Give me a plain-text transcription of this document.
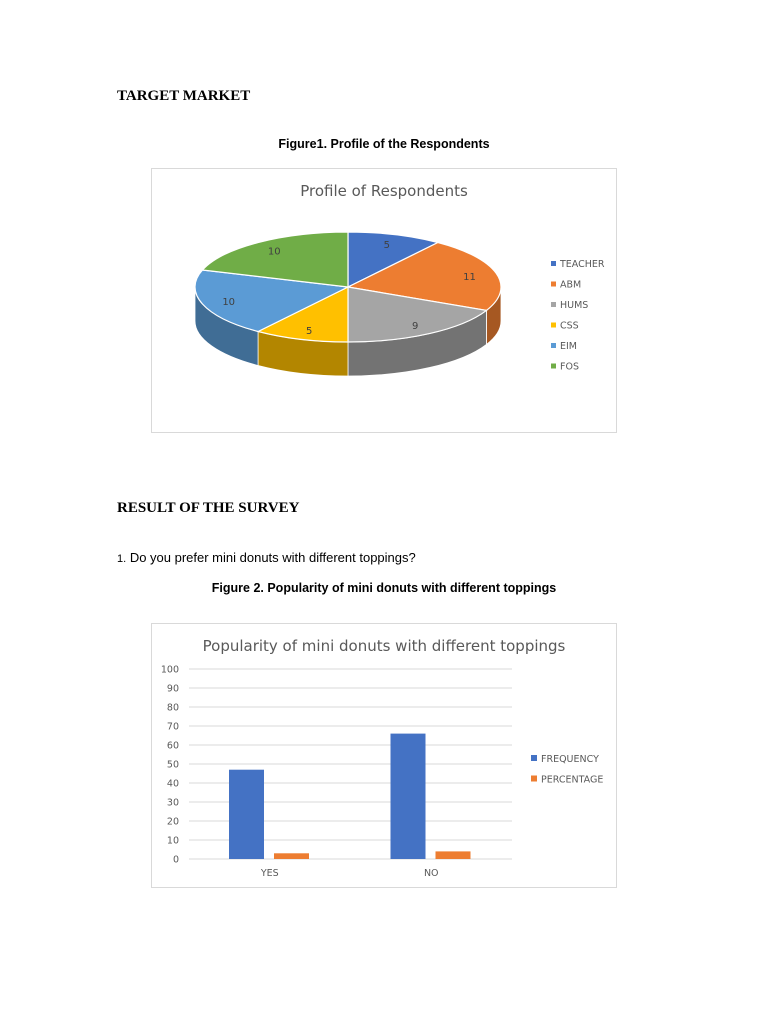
TARGET MARKET

Figure1. Profile of the Respondents

Profile of Respondents
5
11
9
5
10
10
TEACHER
ABM
HUMS
CSS
EIM
FOS
RESULT OF THE SURVEY

1. Do you prefer mini donuts with different toppings?

Figure 2. Popularity of mini donuts with different toppings

Popularity of mini donuts with different toppings
0
10
20
30
40
50
60
70
80
90
100
YES	NO
FREQUENCY
PERCENTAGE
